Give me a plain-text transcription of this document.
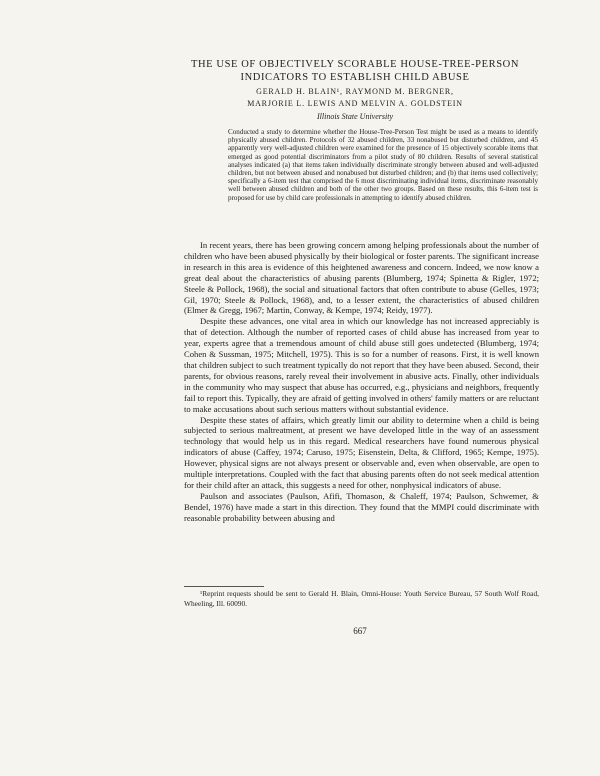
THE USE OF OBJECTIVELY SCORABLE HOUSE-TREE-PERSON INDICATORS TO ESTABLISH CHILD ABUSE
GERALD H. BLAIN¹, RAYMOND M. BERGNER,
MARJORIE L. LEWIS AND MELVIN A. GOLDSTEIN
Illinois State University

Conducted a study to determine whether the House-Tree-Person Test might be used as a means to identify physically abused children. Protocols of 32 abused children, 33 nonabused but disturbed children, and 45 apparently very well-adjusted children were examined for the presence of 15 objectively scorable items that emerged as good potential discriminators from a pilot study of 80 children. Results of several statistical analyses indicated (a) that items taken individually discriminate strongly between abused and well-adjusted children, but not between abused and nonabused but disturbed children; and (b) that items used collectively; specifically a 6-item test that comprised the 6 most discriminating individual items, discriminate reasonably well between abused children and both of the other two groups. Based on these results, this 6-item test is proposed for use by child care professionals in attempting to identify abused children.

In recent years, there has been growing concern among helping professionals about the number of children who have been abused physically by their biological or foster parents. The significant increase in research in this area is evidence of this heightened awareness and concern. Indeed, we now know a great deal about the characteristics of abusing parents (Blumberg, 1974; Spinetta & Rigler, 1972; Steele & Pollock, 1968), the social and situational factors that often contribute to abuse (Gelles, 1973; Gil, 1970; Steele & Pollock, 1968), and, to a lesser extent, the characteristics of abused children (Elmer & Gregg, 1967; Martin, Conway, & Kempe, 1974; Reidy, 1977).

Despite these advances, one vital area in which our knowledge has not increased appreciably is that of detection. Although the number of reported cases of child abuse has increased from year to year, experts agree that a tremendous amount of child abuse still goes undetected (Blumberg, 1974; Cohen & Sussman, 1975; Mitchell, 1975). This is so for a number of reasons. First, it is well known that children subject to such treatment typically do not report that they have been abused. Second, their parents, for obvious reasons, rarely reveal their involvement in abusive acts. Finally, other individuals in the community who may suspect that abuse has occurred, e.g., physicians and neighbors, frequently fail to report this. Typically, they are afraid of getting involved in others' family matters or are reluctant to make accusations about such serious matters without substantial evidence.

Despite these states of affairs, which greatly limit our ability to determine when a child is being subjected to serious maltreatment, at present we have developed little in the way of an assessment technology that would help us in this regard. Medical researchers have found numerous physical indicators of abuse (Caffey, 1974; Caruso, 1975; Eisenstein, Delta, & Clifford, 1965; Kempe, 1975). However, physical signs are not always present or observable and, even when observable, are open to multiple interpretations. Coupled with the fact that abusing parents often do not seek medical attention for their child after an attack, this suggests a need for other, nonphysical indicators of abuse.

Paulson and associates (Paulson, Afifi, Thomason, & Chaleff, 1974; Paulson, Schwemer, & Bendel, 1976) have made a start in this direction. They found that the MMPI could discriminate with reasonable probability between abusing and

¹Reprint requests should be sent to Gerald H. Blain, Omni-House: Youth Service Bureau, 57 South Wolf Road, Wheeling, Ill. 60090.
667
